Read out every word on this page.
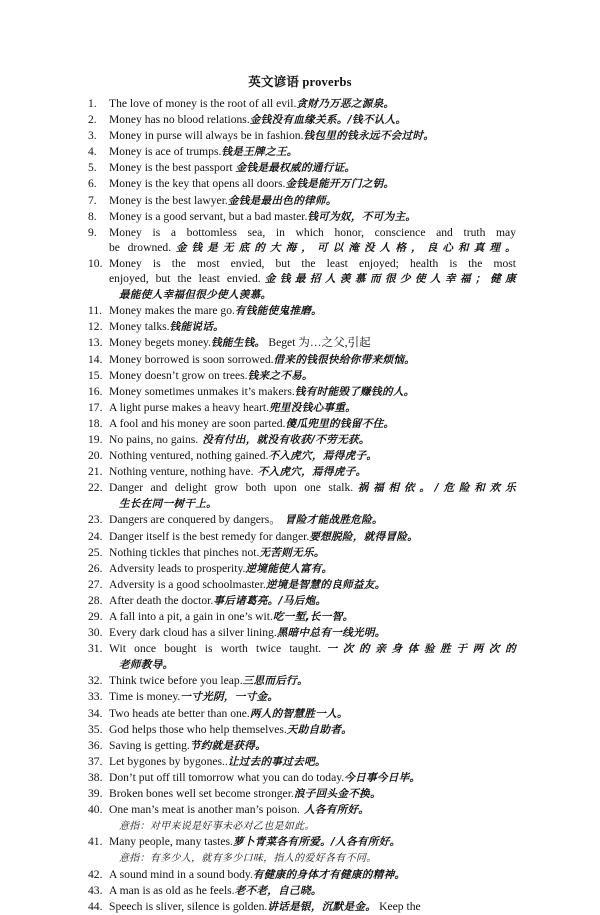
英文谚语 proverbs
1. The love of money is the root of all evil.贪财乃万恶之源泉。
2. Money has no blood relations.金钱没有血缘关系。/钱不认人。
3. Money in purse will always be in fashion.钱包里的钱永远不会过时。
4. Money is ace of trumps.钱是王牌之王。
5. Money is the best passport 金钱是最权威的通行证。
6. Money is the key that opens all doors.金钱是能开万门之钥。
7. Money is the best lawyer.金钱是最出色的律师。
8. Money is a good servant, but a bad master.钱可为奴，不可为主。
9. Money is a bottomless sea, in which honor, conscience and truth may
be drowned.金钱是无底的大海，可以淹没人格，良心和真理。
10. Money is the most envied, but the least enjoyed; health is the most
enjoyed, but the least envied.金钱最招人羡慕而很少使人幸福；健康
最能使人幸福但很少使人羡慕。
11. Money makes the mare go.有钱能使鬼推磨。
12. Money talks.钱能说话。
13. Money begets money.钱能生钱。 Beget 为…之父,引起
14. Money borrowed is soon sorrowed.借来的钱很快给你带来烦恼。
15. Money doesn’t grow on trees.钱来之不易。
16. Money sometimes unmakes it’s makers.钱有时能毁了赚钱的人。
17. A light purse makes a heavy heart.兜里没钱心事重。
18. A fool and his money are soon parted.傻瓜兜里的钱留不住。
19. No pains, no gains. 没有付出，就没有收获/不劳无获。
20. Nothing ventured, nothing gained.不入虎穴，焉得虎子。
21. Nothing venture, nothing have. 不入虎穴，焉得虎子。
22. Danger and delight grow both upon one stalk.祸福相依。/危险和欢乐
生长在同一树干上。
23. Dangers are conquered by dangers。 冒险才能战胜危险。
24. Danger itself is the best remedy for danger.要想脱险，就得冒险。
25. Nothing tickles that pinches not.无苦则无乐。
26. Adversity leads to prosperity.逆境能使人富有。
27. Adversity is a good schoolmaster.逆境是智慧的良师益友。
28. After death the doctor.事后诸葛亮。/马后炮。
29. A fall into a pit, a gain in one’s wit.吃一堑,长一智。
30. Every dark cloud has a silver lining.黑暗中总有一线光明。
31. Wit once bought is worth twice taught.一次的亲身体验胜于两次的
老师教导。
32. Think twice before you leap.三思而后行。
33. Time is money.一寸光阴，一寸金。
34. Two heads ate better than one.两人的智慧胜一人。
35. God helps those who help themselves.天助自助者。
36. Saving is getting.节约就是获得。
37. Let bygones by bygones..让过去的事过去吧。
38. Don’t put off till tomorrow what you can do today.今日事今日毕。
39. Broken bones well set become stronger.浪子回头金不换。
40. One man’s meat is another man’s poison. 人各有所好。
意指：对甲来说是好事未必对乙也是如此。
41. Many people, many tastes.萝卜青菜各有所爱。/人各有所好。
意指：有多少人，就有多少口味，指人的爱好各有不同。
42. A sound mind in a sound body.有健康的身体才有健康的精神。
43. A man is as old as he feels.老不老，自己晓。
44. Speech is sliver, silence is golden.讲话是银，沉默是金。 Keep the
